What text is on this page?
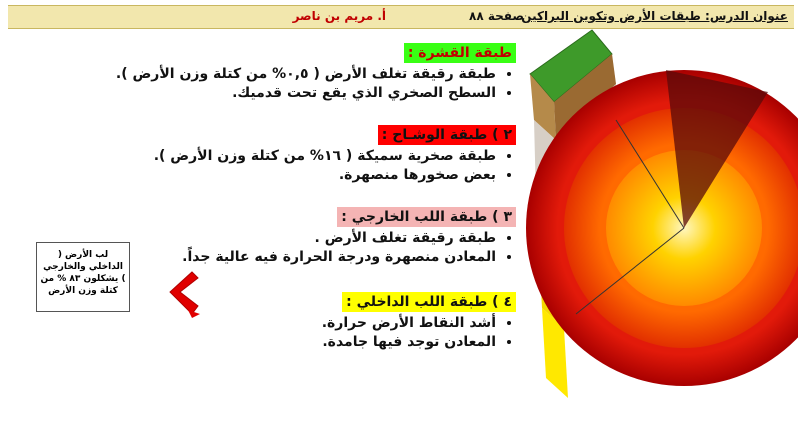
عنوان الدرس: طبقات الأرض وتكوين البراكين
صفحة ٨٨
أ. مريم بن ناصر
طبقة القشرة :
• طبقة رقيقة تغلف الأرض ( ٠,٥% من كتلة وزن الأرض ).
• السطح الصخري الذي يقع تحت قدميك.
٢ ) طبقة الوشـاح :
• طبقة صخرية سميكة ( ١٦% من كتلة وزن الأرض ).
• بعض صخورها منصهرة.
٣ ) طبقة اللب الخارجي :
• طبقة رقيقة تغلف الأرض .
• المعادن منصهرة ودرجة الحرارة فيه عالية جداً.
٤ ) طبقة اللب الداخلي :
• أشد النقاط الأرض حرارة.
• المعادن توجد فيها جامدة.
لب الأرض ( الداخلي والخارجي ) يشكلون ٨٣ % من كتلة وزن الأرض
